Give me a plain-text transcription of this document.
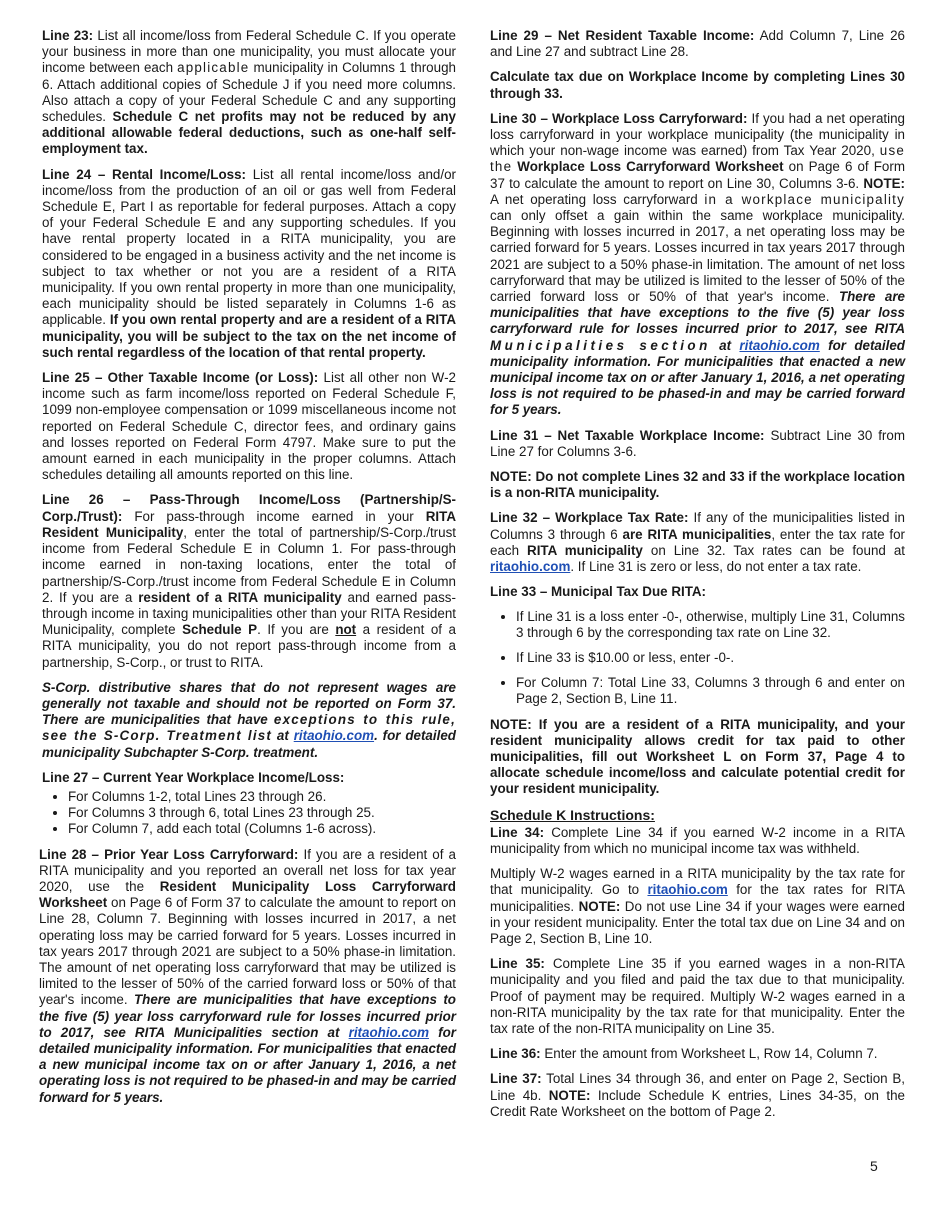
Line 23: List all income/loss from Federal Schedule C. If you operate your business in more than one municipality, you must allocate your income between each applicable municipality in Columns 1 through 6. Attach additional copies of Schedule J if you need more columns. Also attach a copy of your Federal Schedule C and any supporting schedules. Schedule C net profits may not be reduced by any additional allowable federal deductions, such as one-half self-employment tax.

Line 24 – Rental Income/Loss: List all rental income/loss and/or income/loss from the production of an oil or gas well from Federal Schedule E, Part I as reportable for federal purposes. Attach a copy of your Federal Schedule E and any supporting schedules. If you have rental property located in a RITA municipality, you are considered to be engaged in a business activity and the net income is subject to tax whether or not you are a resident of a RITA municipality. If you own rental property in more than one municipality, each municipality should be listed separately in Columns 1-6 as applicable. If you own rental property and are a resident of a RITA municipality, you will be subject to the tax on the net income of such rental regardless of the location of that rental property.

Line 25 – Other Taxable Income (or Loss): List all other non W-2 income such as farm income/loss reported on Federal Schedule F, 1099 non-employee compensation or 1099 miscellaneous income not reported on Federal Schedule C, director fees, and ordinary gains and losses reported on Federal Form 4797. Make sure to put the amount earned in each municipality in the proper columns. Attach schedules detailing all amounts reported on this line.

Line 26 – Pass-Through Income/Loss (Partnership/S-Corp./Trust): For pass-through income earned in your RITA Resident Municipality, enter the total of partnership/S-Corp./trust income from Federal Schedule E in Column 1. For pass-through income earned in non-taxing locations, enter the total of partnership/S-Corp./trust income from Federal Schedule E in Column 2. If you are a resident of a RITA municipality and earned pass-through income in taxing municipalities other than your RITA Resident Municipality, complete Schedule P. If you are not a resident of a RITA municipality, you do not report pass-through income from a partnership, S-Corp., or trust to RITA.

S-Corp. distributive shares that do not represent wages are generally not taxable and should not be reported on Form 37. There are municipalities that have exceptions to this rule, see the S-Corp. Treatment list at ritaohio.com. for detailed municipality Subchapter S-Corp. treatment.

Line 27 – Current Year Workplace Income/Loss:

• For Columns 1-2, total Lines 23 through 26.
• For Columns 3 through 6, total Lines 23 through 25.
• For Column 7, add each total (Columns 1-6 across).

Line 28 – Prior Year Loss Carryforward: If you are a resident of a RITA municipality and you reported an overall net loss for tax year 2020, use the Resident Municipality Loss Carryforward Worksheet on Page 6 of Form 37 to calculate the amount to report on Line 28, Column 7. Beginning with losses incurred in 2017, a net operating loss may be carried forward for 5 years. Losses incurred in tax years 2017 through 2021 are subject to a 50% phase-in limitation. The amount of net operating loss carryforward that may be utilized is limited to the lesser of 50% of the carried forward loss or 50% of that year's income. There are municipalities that have exceptions to the five (5) year loss carryforward rule for losses incurred prior to 2017, see RITA Municipalities section at ritaohio.com for detailed municipality information. For municipalities that enacted a new municipal income tax on or after January 1, 2016, a net operating loss is not required to be phased-in and may be carried forward for 5 years.

Line 29 – Net Resident Taxable Income: Add Column 7, Line 26 and Line 27 and subtract Line 28.

Calculate tax due on Workplace Income by completing Lines 30 through 33.

Line 30 – Workplace Loss Carryforward: If you had a net operating loss carryforward in your workplace municipality (the municipality in which your non-wage income was earned) from Tax Year 2020, use the Workplace Loss Carryforward Worksheet on Page 6 of Form 37 to calculate the amount to report on Line 30, Columns 3-6. NOTE: A net operating loss carryforward in a workplace municipality can only offset a gain within the same workplace municipality. Beginning with losses incurred in 2017, a net operating loss may be carried forward for 5 years. Losses incurred in tax years 2017 through 2021 are subject to a 50% phase-in limitation. The amount of net loss carryforward that may be utilized is limited to the lesser of 50% of the carried forward loss or 50% of that year's income. There are municipalities that have exceptions to the five (5) year loss carryforward rule for losses incurred prior to 2017, see RITA Municipalities section at ritaohio.com for detailed municipality information. For municipalities that enacted a new municipal income tax on or after January 1, 2016, a net operating loss is not required to be phased-in and may be carried forward for 5 years.

Line 31 – Net Taxable Workplace Income: Subtract Line 30 from Line 27 for Columns 3-6.

NOTE: Do not complete Lines 32 and 33 if the workplace location is a non-RITA municipality.

Line 32 – Workplace Tax Rate: If any of the municipalities listed in Columns 3 through 6 are RITA municipalities, enter the tax rate for each RITA municipality on Line 32. Tax rates can be found at ritaohio.com. If Line 31 is zero or less, do not enter a tax rate.

Line 33 – Municipal Tax Due RITA:

• If Line 31 is a loss enter -0-, otherwise, multiply Line 31, Columns 3 through 6 by the corresponding tax rate on Line 32.
• If Line 33 is $10.00 or less, enter -0-.
• For Column 7: Total Line 33, Columns 3 through 6 and enter on Page 2, Section B, Line 11.

NOTE: If you are a resident of a RITA municipality, and your resident municipality allows credit for tax paid to other municipalities, fill out Worksheet L on Form 37, Page 4 to allocate schedule income/loss and calculate potential credit for your resident municipality.

Schedule K Instructions:

Line 34: Complete Line 34 if you earned W-2 income in a RITA municipality from which no municipal income tax was withheld.

Multiply W-2 wages earned in a RITA municipality by the tax rate for that municipality. Go to ritaohio.com for the tax rates for RITA municipalities. NOTE: Do not use Line 34 if your wages were earned in your resident municipality. Enter the total tax due on Line 34 and on Page 2, Section B, Line 10.

Line 35: Complete Line 35 if you earned wages in a non-RITA municipality and you filed and paid the tax due to that municipality. Proof of payment may be required. Multiply W-2 wages earned in a non-RITA municipality by the tax rate for that municipality. Enter the tax rate of the non-RITA municipality on Line 35.

Line 36: Enter the amount from Worksheet L, Row 14, Column 7.

Line 37: Total Lines 34 through 36, and enter on Page 2, Section B, Line 4b. NOTE: Include Schedule K entries, Lines 34-35, on the Credit Rate Worksheet on the bottom of Page 2.

5
